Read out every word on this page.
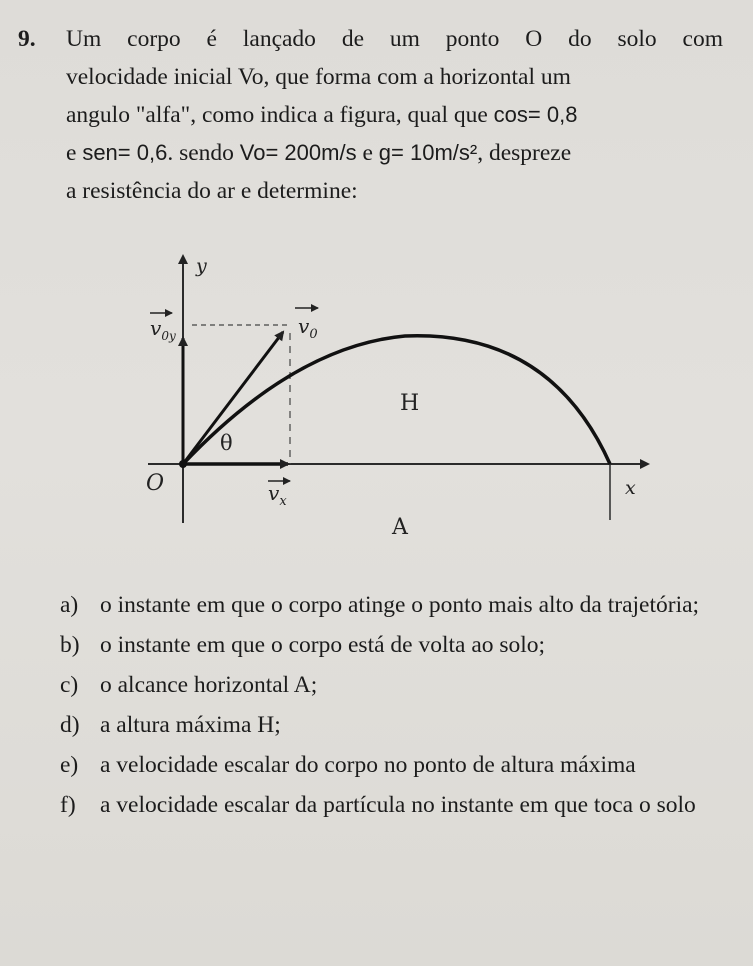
9. Um corpo é lançado de um ponto O do solo com
velocidade inicial Vo, que forma com a horizontal um
angulo "alfa", como indica a figura, qual que cos= 0,8
e sen= 0,6. sendo Vo= 200m/s e g= 10m/s², despreze
a resistência do ar e determine:
y
x
O
θ
H
A
$v_0$
$v_{0y}$
$v_x$
a) o instante em que o corpo atinge o ponto mais alto da trajetória;
b) o instante em que o corpo está de volta ao solo;
c) o alcance horizontal A;
d) a altura máxima H;
e) a velocidade escalar do corpo no ponto de altura máxima
f) a velocidade escalar da partícula no instante em que toca o solo
